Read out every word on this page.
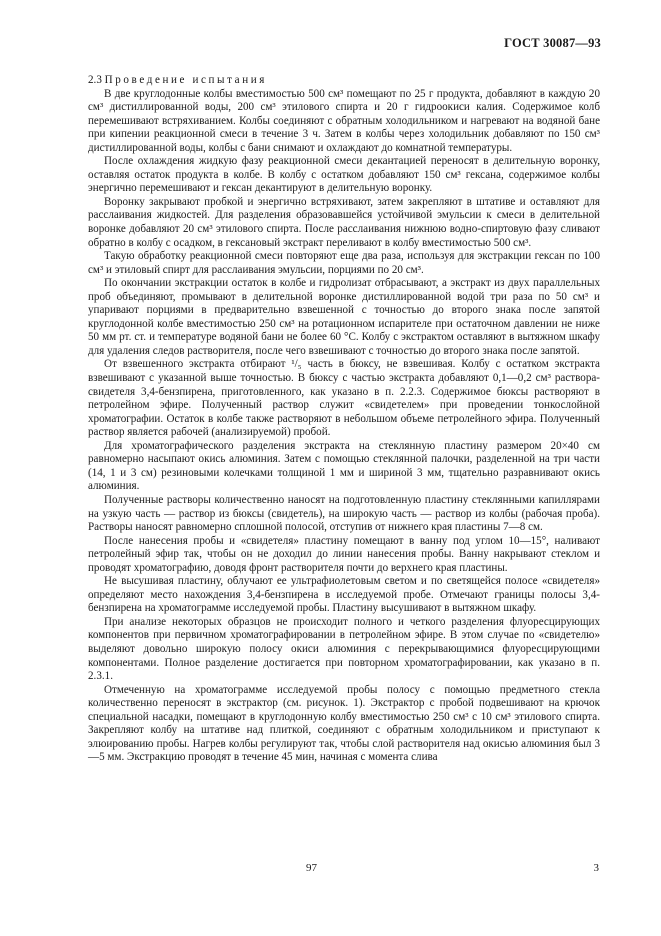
ГОСТ 30087—93

2.3 Проведение испытания

В две круглодонные колбы вместимостью 500 см³ помещают по 25 г продукта, добавляют в каждую 20 см³ дистиллированной воды, 200 см³ этилового спирта и 20 г гидроокиси калия. Содержимое колб перемешивают встряхиванием. Колбы соединяют с обратным холодильником и нагревают на водяной бане при кипении реакционной смеси в течение 3 ч. Затем в колбы через холодильник добавляют по 150 см³ дистиллированной воды, колбы с бани снимают и охлаждают до комнатной температуры.

После охлаждения жидкую фазу реакционной смеси декантацией переносят в делительную воронку, оставляя остаток продукта в колбе. В колбу с остатком добавляют 150 см³ гексана, содержимое колбы энергично перемешивают и гексан декантируют в делительную воронку.

Воронку закрывают пробкой и энергично встряхивают, затем закрепляют в штативе и оставляют для расслаивания жидкостей. Для разделения образовавшейся устойчивой эмульсии к смеси в делительной воронке добавляют 20 см³ этилового спирта. После расслаивания нижнюю водно-спиртовую фазу сливают обратно в колбу с осадком, в гексановый экстракт переливают в колбу вместимостью 500 см³.

Такую обработку реакционной смеси повторяют еще два раза, используя для экстракции гексан по 100 см³ и этиловый спирт для расслаивания эмульсии, порциями по 20 см³.

По окончании экстракции остаток в колбе и гидролизат отбрасывают, а экстракт из двух параллельных проб объединяют, промывают в делительной воронке дистиллированной водой три раза по 50 см³ и упаривают порциями в предварительно взвешенной с точностью до второго знака после запятой круглодонной колбе вместимостью 250 см³ на ротационном испарителе при остаточном давлении не ниже 50 мм рт. ст. и температуре водяной бани не более 60 °С. Колбу с экстрактом оставляют в вытяжном шкафу для удаления следов растворителя, после чего взвешивают с точностью до второго знака после запятой.

От взвешенного экстракта отбирают ¹/₅ часть в бюксу, не взвешивая. Колбу с остатком экстракта взвешивают с указанной выше точностью. В бюксу с частью экстракта добавляют 0,1—0,2 см³ раствора-свидетеля 3,4-бензпирена, приготовленного, как указано в п. 2.2.3. Содержимое бюксы растворяют в петролейном эфире. Полученный раствор служит «свидетелем» при проведении тонкослойной хроматографии. Остаток в колбе также растворяют в небольшом объеме петролейного эфира. Полученный раствор является рабочей (анализируемой) пробой.

Для хроматографического разделения экстракта на стеклянную пластину размером 20×40 см равномерно насыпают окись алюминия. Затем с помощью стеклянной палочки, разделенной на три части (14, 1 и 3 см) резиновыми колечками толщиной 1 мм и шириной 3 мм, тщательно разравнивают окись алюминия.

Полученные растворы количественно наносят на подготовленную пластину стеклянными капиллярами на узкую часть — раствор из бюксы (свидетель), на широкую часть — раствор из колбы (рабочая проба). Растворы наносят равномерно сплошной полосой, отступив от нижнего края пластины 7—8 см.

После нанесения пробы и «свидетеля» пластину помещают в ванну под углом 10—15°, наливают петролейный эфир так, чтобы он не доходил до линии нанесения пробы. Ванну накрывают стеклом и проводят хроматографию, доводя фронт растворителя почти до верхнего края пластины.

Не высушивая пластину, облучают ее ультрафиолетовым светом и по светящейся полосе «свидетеля» определяют место нахождения 3,4-бензпирена в исследуемой пробе. Отмечают границы полосы 3,4-бензпирена на хроматограмме исследуемой пробы. Пластину высушивают в вытяжном шкафу.

При анализе некоторых образцов не происходит полного и четкого разделения флуоресцирующих компонентов при первичном хроматографировании в петролейном эфире. В этом случае по «свидетелю» выделяют довольно широкую полосу окиси алюминия с перекрывающимися флуоресцирующими компонентами. Полное разделение достигается при повторном хроматографировании, как указано в п. 2.3.1.

Отмеченную на хроматограмме исследуемой пробы полосу с помощью предметного стекла количественно переносят в экстрактор (см. рисунок. 1). Экстрактор с пробой подвешивают на крючок специальной насадки, помещают в круглодонную колбу вместимостью 250 см³ с 10 см³ этилового спирта. Закрепляют колбу на штативе над плиткой, соединяют с обратным холодильником и приступают к элюированию пробы. Нагрев колбы регулируют так, чтобы слой растворителя над окисью алюминия был 3—5 мм. Экстракцию проводят в течение 45 мин, начиная с момента слива

97	3
